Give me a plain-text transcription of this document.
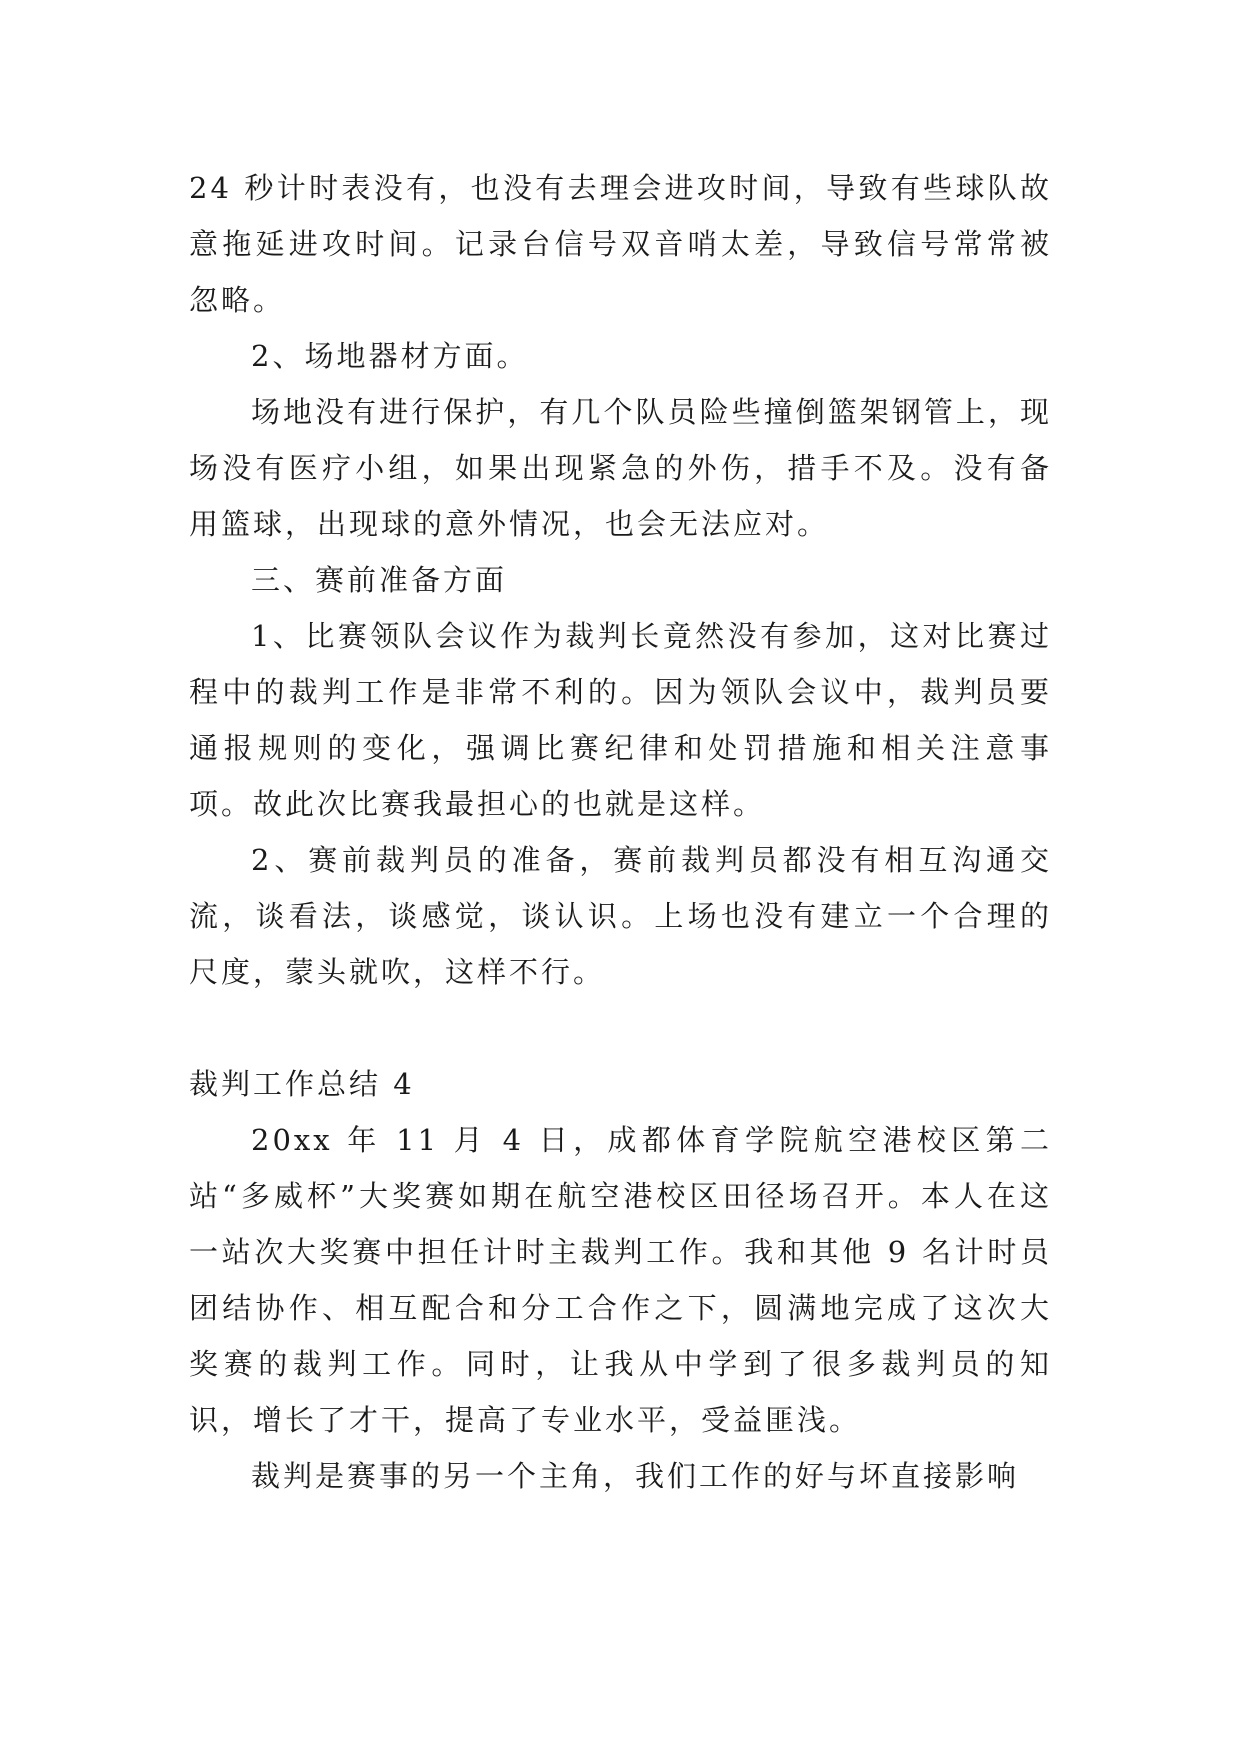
24 秒计时表没有，也没有去理会进攻时间，导致有些球队故意拖延进攻时间。记录台信号双音哨太差，导致信号常常被忽略。

2、场地器材方面。

场地没有进行保护，有几个队员险些撞倒篮架钢管上，现场没有医疗小组，如果出现紧急的外伤，措手不及。没有备用篮球，出现球的意外情况，也会无法应对。

三、赛前准备方面

1、比赛领队会议作为裁判长竟然没有参加，这对比赛过程中的裁判工作是非常不利的。因为领队会议中，裁判员要通报规则的变化，强调比赛纪律和处罚措施和相关注意事项。故此次比赛我最担心的也就是这样。

2、赛前裁判员的准备，赛前裁判员都没有相互沟通交流，谈看法，谈感觉，谈认识。上场也没有建立一个合理的尺度，蒙头就吹，这样不行。

裁判工作总结 4

20xx 年 11 月 4 日，成都体育学院航空港校区第二站“多威杯”大奖赛如期在航空港校区田径场召开。本人在这一站次大奖赛中担任计时主裁判工作。我和其他 9 名计时员团结协作、相互配合和分工合作之下，圆满地完成了这次大奖赛的裁判工作。同时，让我从中学到了很多裁判员的知识，增长了才干，提高了专业水平，受益匪浅。

裁判是赛事的另一个主角，我们工作的好与坏直接影响
